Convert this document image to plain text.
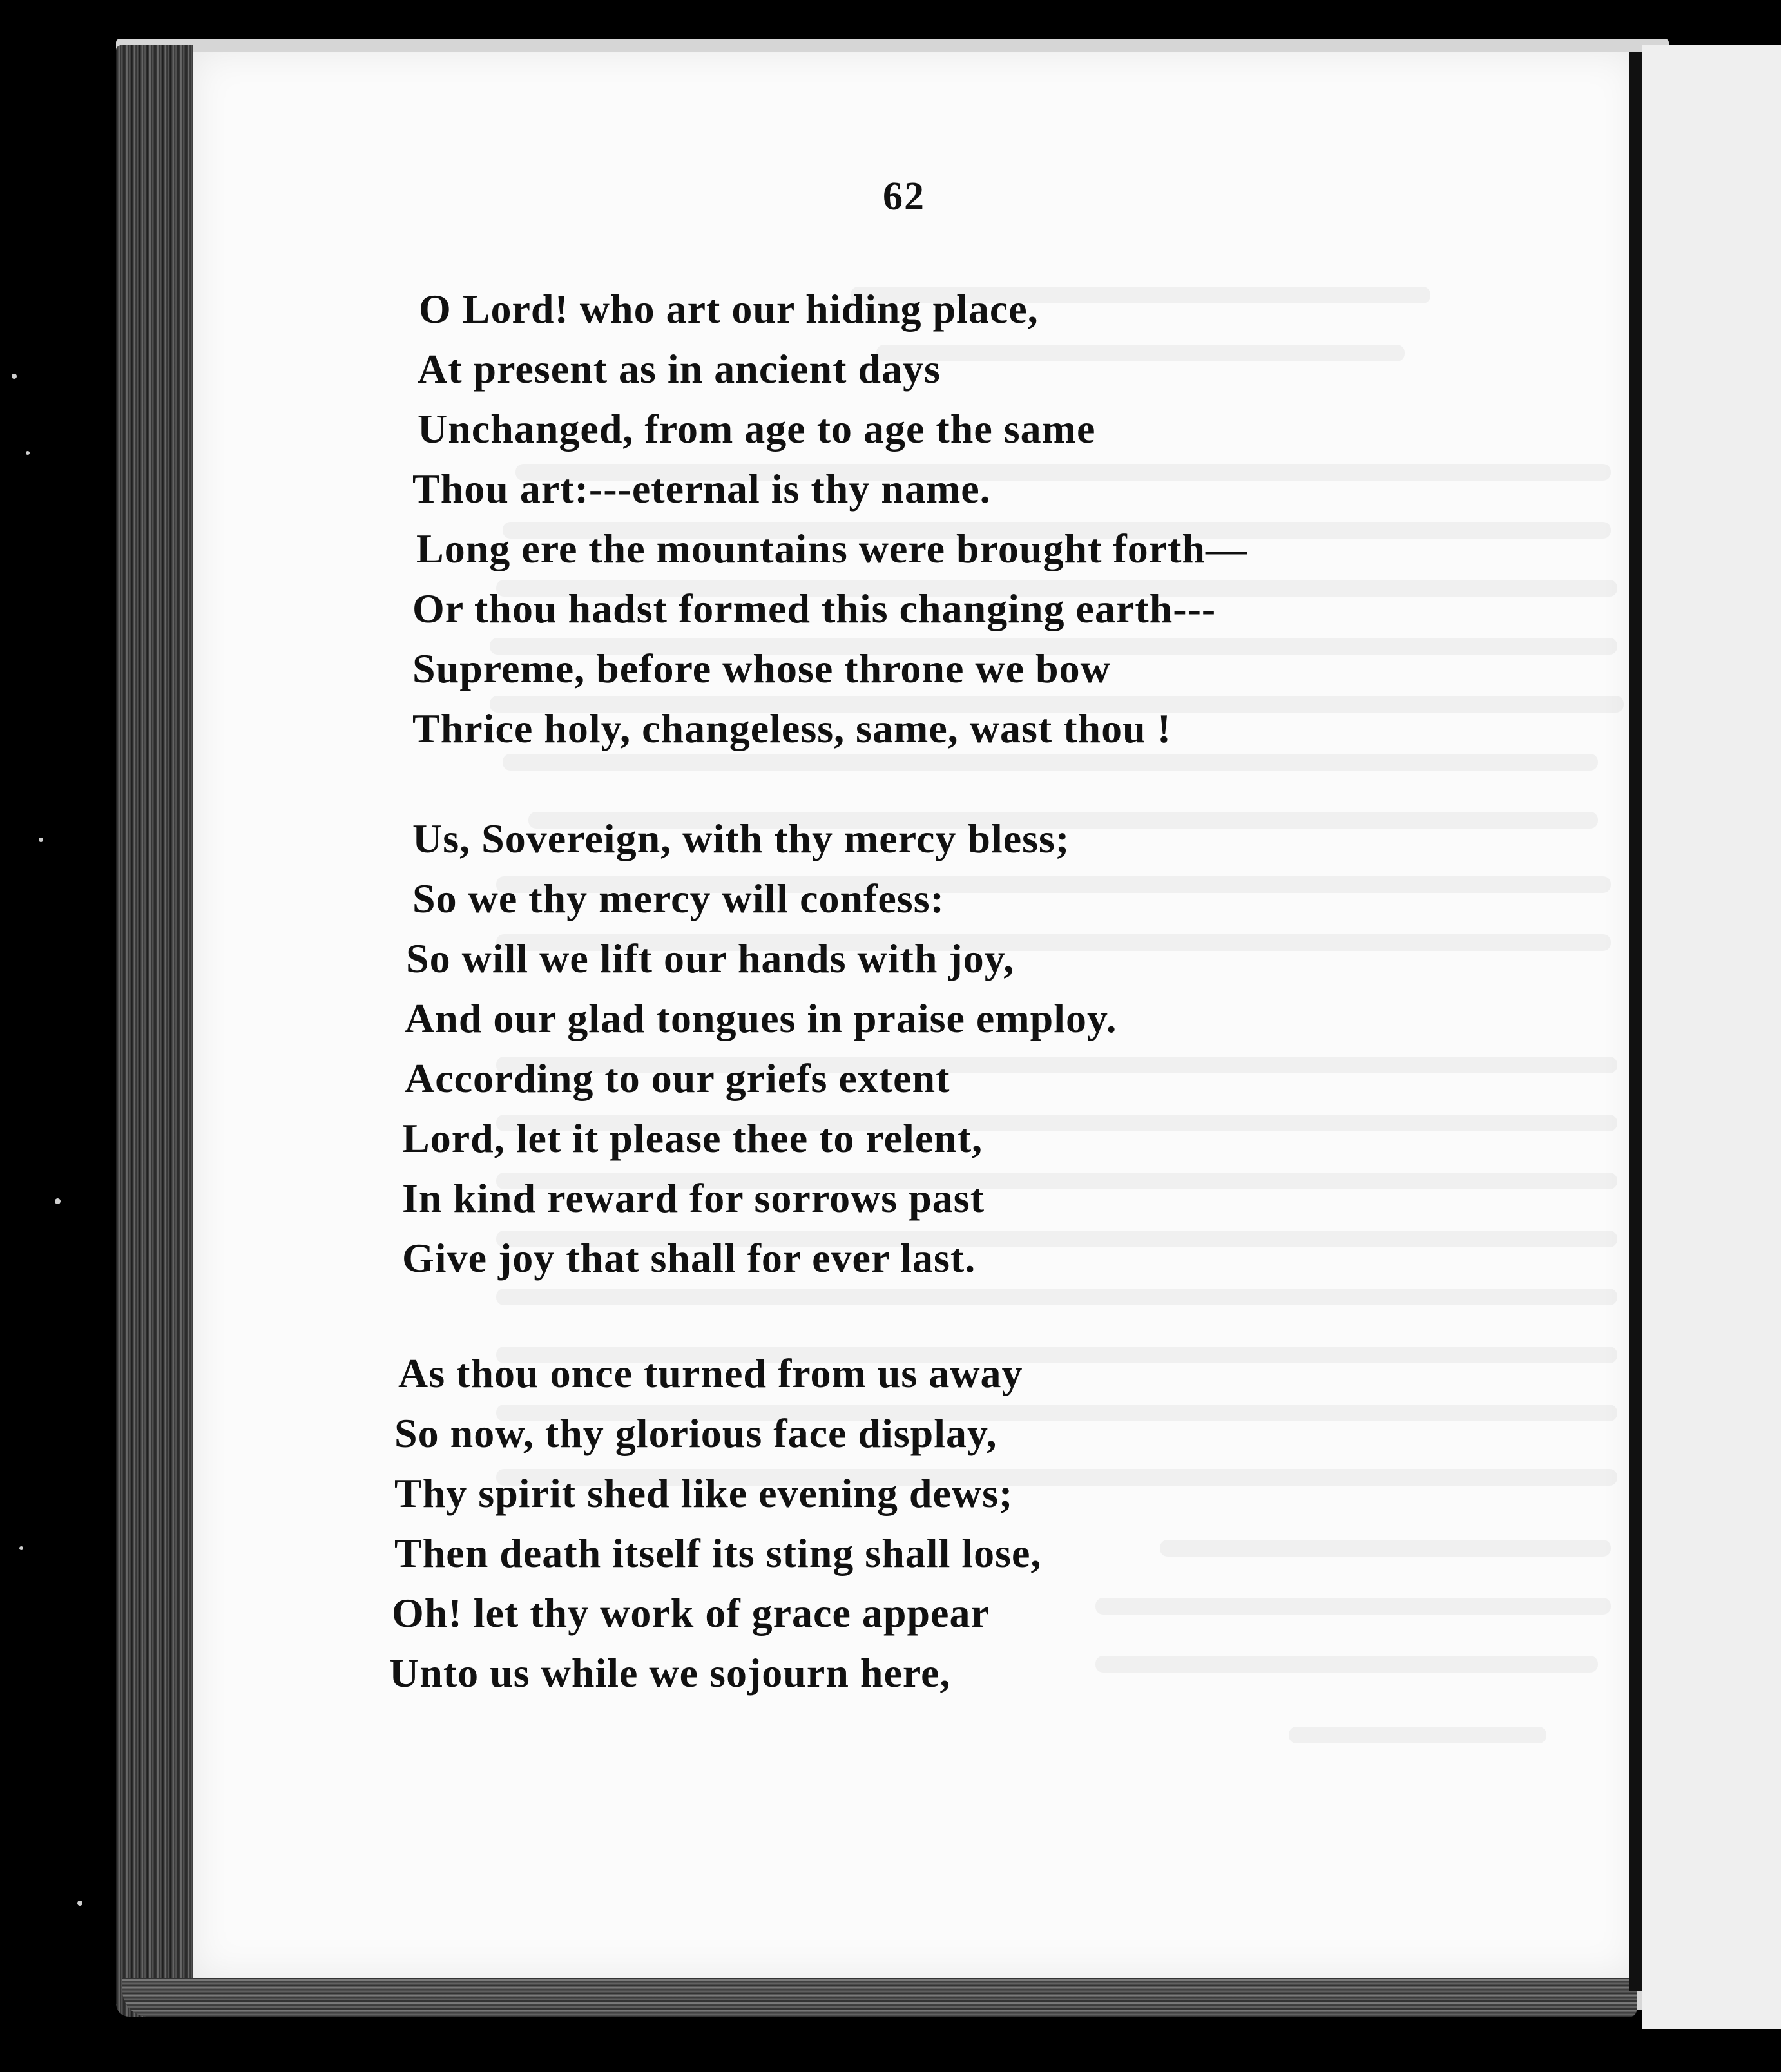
62
O Lord! who art our hiding place,
At present as in ancient days
Unchanged, from age to age the same
Thou art:---eternal is thy name.
Long ere the mountains were brought forth—
Or thou hadst formed this changing earth---
Supreme, before whose throne we bow
Thrice holy, changeless, same, wast thou !
Us, Sovereign, with thy mercy bless;
So we thy mercy will confess:
So will we lift our hands with joy,
And our glad tongues in praise employ.
According to our griefs extent
Lord, let it please thee to relent,
In kind reward for sorrows past
Give joy that shall for ever last.
As thou once turned from us away
So now, thy glorious face display,
Thy spirit shed like evening dews;
Then death itself its sting shall lose,
Oh! let thy work of grace appear
Unto us while we sojourn here,
